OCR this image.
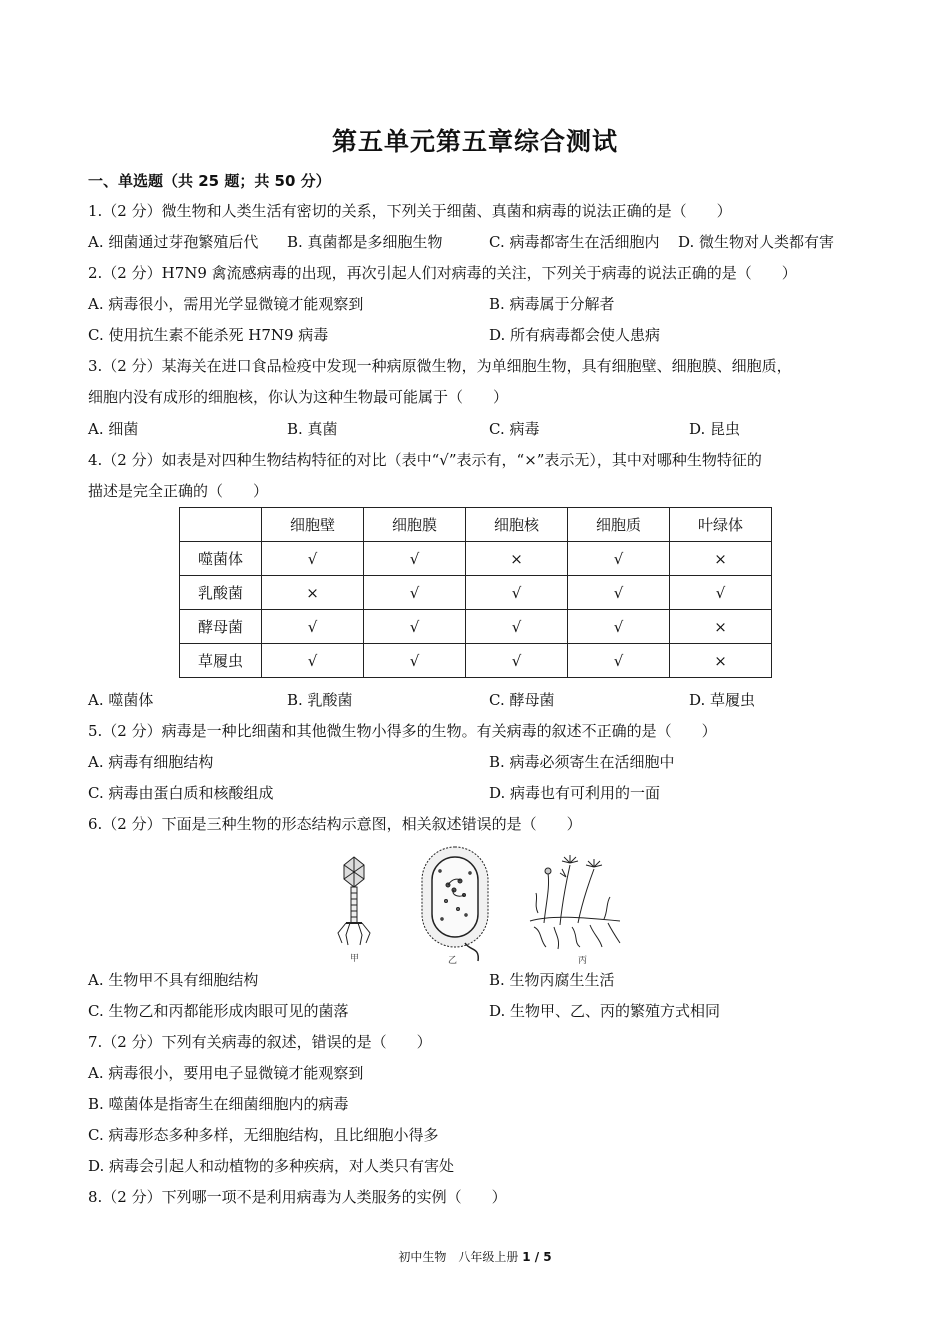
第五单元第五章综合测试
一、单选题（共 25 题；共 50 分）
1.（2 分）微生物和人类生活有密切的关系，下列关于细菌、真菌和病毒的说法正确的是（　　）
A. 细菌通过芽孢繁殖后代 B. 真菌都是多细胞生物	C. 病毒都寄生在活细胞内 D. 微生物对人类都有害
2.（2 分）H7N9 禽流感病毒的出现，再次引起人们对病毒的关注，下列关于病毒的说法正确的是（　　）
A. 病毒很小，需用光学显微镜才能观察到	B. 病毒属于分解者
C. 使用抗生素不能杀死 H7N9 病毒	D. 所有病毒都会使人患病
3.（2 分）某海关在进口食品检疫中发现一种病原微生物，为单细胞生物，具有细胞壁、细胞膜、细胞质，
细胞内没有成形的细胞核，你认为这种生物最可能属于（　　）
A. 细菌	B. 真菌	C. 病毒	D. 昆虫
4.（2 分）如表是对四种生物结构特征的对比（表中“√”表示有，“×”表示无），其中对哪种生物特征的
描述是完全正确的（　　）
	细胞壁	细胞膜	细胞核	细胞质	叶绿体
噬菌体	√	√	×	√	×
乳酸菌	×	√	√	√	√
酵母菌	√	√	√	√	×
草履虫	√	√	√	√	×
A. 噬菌体	B. 乳酸菌	C. 酵母菌	D. 草履虫
5.（2 分）病毒是一种比细菌和其他微生物小得多的生物。有关病毒的叙述不正确的是（　　）
A. 病毒有细胞结构	B. 病毒必须寄生在活细胞中
C. 病毒由蛋白质和核酸组成	D. 病毒也有可利用的一面
6.（2 分）下面是三种生物的形态结构示意图，相关叙述错误的是（　　）
甲	乙	丙
A. 生物甲不具有细胞结构	B. 生物丙腐生生活
C. 生物乙和丙都能形成肉眼可见的菌落	D. 生物甲、乙、丙的繁殖方式相同
7.（2 分）下列有关病毒的叙述，错误的是（　　）
A. 病毒很小，要用电子显微镜才能观察到
B. 噬菌体是指寄生在细菌细胞内的病毒
C. 病毒形态多种多样，无细胞结构，且比细胞小得多
D. 病毒会引起人和动植物的多种疾病，对人类只有害处
8.（2 分）下列哪一项不是利用病毒为人类服务的实例（　　）
初中生物　八年级上册 1 / 5
